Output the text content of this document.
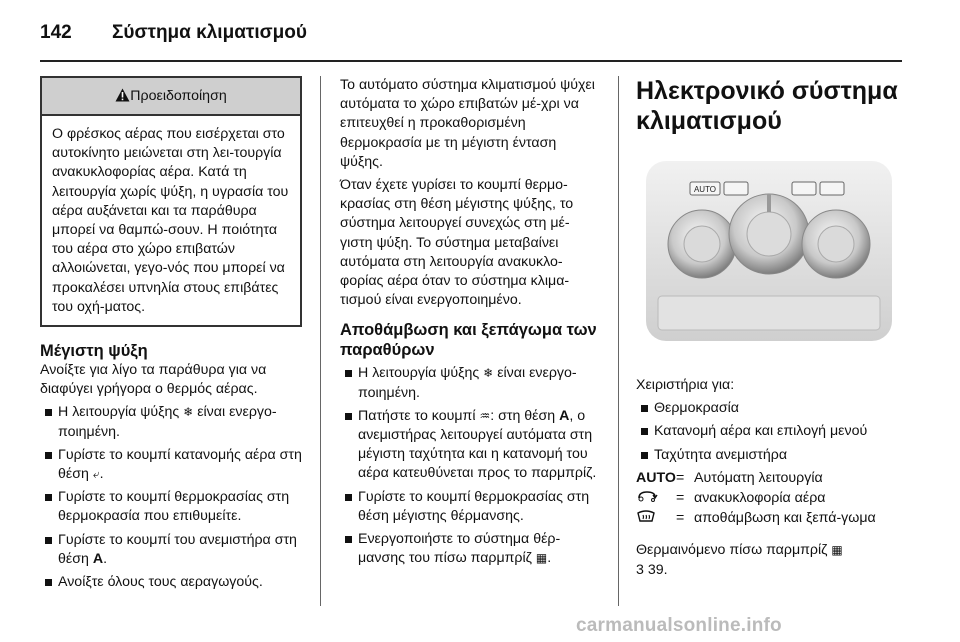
142 Σύστημα κλιματισμού
Προειδοποίηση

Ο φρέσκος αέρας που εισέρχεται στο αυτοκίνητο μειώνεται στη λει-τουργία ανακυκλοφορίας αέρα. Κατά τη λειτουργία χωρίς ψύξη, η υγρασία του αέρα αυξάνεται και τα παράθυρα μπορεί να θαμπώ-σουν. Η ποιότητα του αέρα στο χώρο επιβατών αλλοιώνεται, γεγο-νός που μπορεί να προκαλέσει υπνηλία στους επιβάτες του οχή-ματος.

Μέγιστη ψύξη

Ανοίξτε για λίγο τα παράθυρα για να διαφύγει γρήγορα ο θερμός αέρας.

Η λειτουργία ψύξης ❄ είναι ενεργο-ποιημένη.
Γυρίστε το κουμπί κατανομής αέρα στη θέση ⤶.
Γυρίστε το κουμπί θερμοκρασίας στη θερμοκρασία που επιθυμείτε.
Γυρίστε το κουμπί του ανεμιστήρα στη θέση A.
Ανοίξτε όλους τους αεραγωγούς.

Το αυτόματο σύστημα κλιματισμού ψύχει αυτόματα το χώρο επιβατών μέ-χρι να επιτευχθεί η προκαθορισμένη θερμοκρασία με τη μέγιστη ένταση ψύξης.

Όταν έχετε γυρίσει το κουμπί θερμο-κρασίας στη θέση μέγιστης ψύξης, το σύστημα λειτουργεί συνεχώς στη μέ-γιστη ψύξη. Το σύστημα μεταβαίνει αυτόματα στη λειτουργία ανακυκλο-φορίας αέρα όταν το σύστημα κλιμα-τισμού είναι ενεργοποιημένο.

Αποθάμβωση και ξεπάγωμα των παραθύρων
Η λειτουργία ψύξης ❄ είναι ενεργο-ποιημένη.
Πατήστε το κουμπί ♒: στη θέση A, ο ανεμιστήρας λειτουργεί αυτόματα στη μέγιστη ταχύτητα και η κατανομή του αέρα κατευθύνεται προς το παρμπρίζ.
Γυρίστε το κουμπί θερμοκρασίας στη θέση μέγιστης θέρμανσης.
Ενεργοποιήστε το σύστημα θέρ-μανσης του πίσω παρμπρίζ ▦.
Ηλεκτρονικό σύστημα κλιματισμού
AUTO

Χειριστήρια για:

Θερμοκρασία
Κατανομή αέρα και επιλογή μενού
Ταχύτητα ανεμιστήρα
AUTO = Αυτόματη λειτουργία
= ανακυκλοφορία αέρα
= αποθάμβωση και ξεπά-γωμα

Θερμαινόμενο πίσω παρμπρίζ ▦
3 39.

carmanualsonline.info
